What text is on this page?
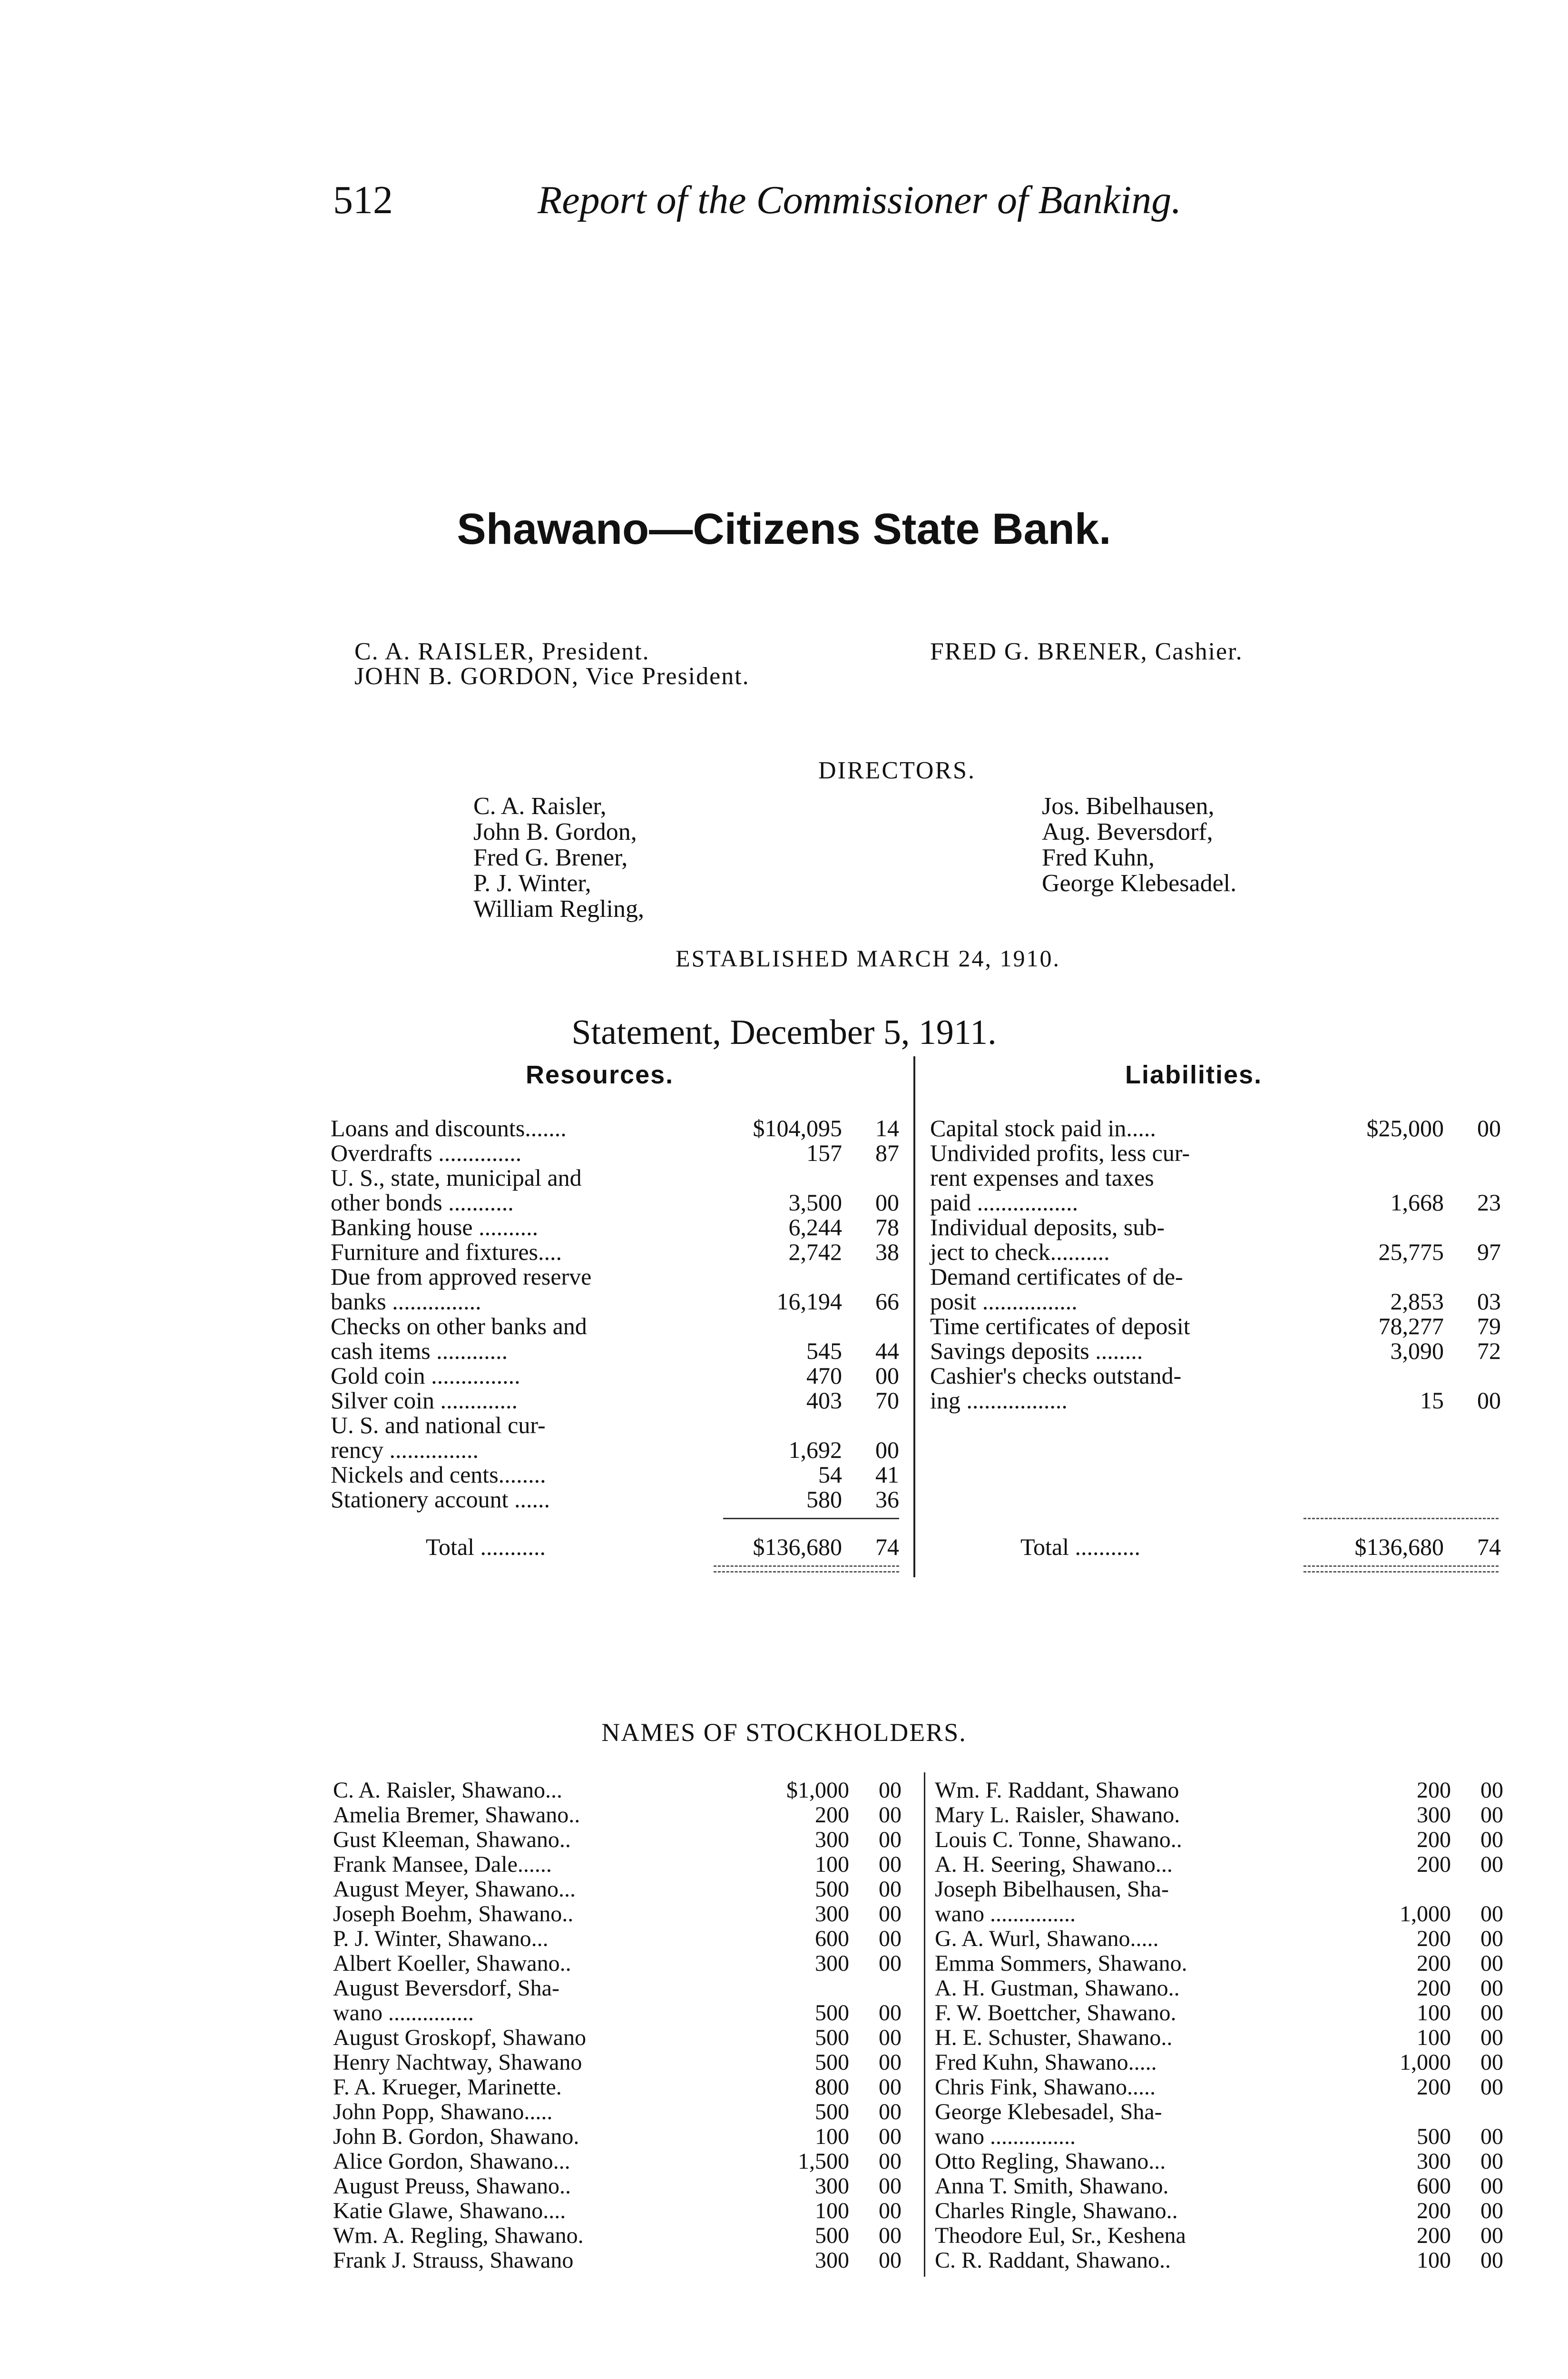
512	Report of the Commissioner of Banking.
Shawano—Citizens State Bank.
C. A. RAISLER, President.
JOHN B. GORDON, Vice President.
FRED G. BRENER, Cashier.
DIRECTORS.
C. A. Raisler,
John B. Gordon,
Fred G. Brener,
P. J. Winter,
William Regling,
Jos. Bibelhausen,
Aug. Beversdorf,
Fred Kuhn,
George Klebesadel.
ESTABLISHED MARCH 24, 1910.
Statement, December 5, 1911.
Resources.	Liabilities.
Loans and discounts.......	$104,095	14
Overdrafts ..............	157	87
U. S., state, municipal and
other bonds ...........	3,500	00
Banking house ..........	6,244	78
Furniture and fixtures....	2,742	38
Due from approved reserve
banks ...............	16,194	66
Checks on other banks and
cash items ............	545	44
Gold coin ...............	470	00
Silver coin .............	403	70
U. S. and national cur-
rency ...............	1,692	00
Nickels and cents........	54	41
Stationery account ......	580	36
Total ...........	$136,680	74
Capital stock paid in.....	$25,000	00
Undivided profits, less cur-
rent expenses and taxes
paid .................	1,668	23
Individual deposits, sub-
ject to check..........	25,775	97
Demand certificates of de-
posit ................	2,853	03
Time certificates of deposit	78,277	79
Savings deposits ........	3,090	72
Cashier's checks outstand-
ing .................	15	00
Total ...........	$136,680	74
NAMES OF STOCKHOLDERS.
C. A. Raisler, Shawano...	$1,000	00
Amelia Bremer, Shawano..	200	00
Gust Kleeman, Shawano..	300	00
Frank Mansee, Dale......	100	00
August Meyer, Shawano...	500	00
Joseph Boehm, Shawano..	300	00
P. J. Winter, Shawano...	600	00
Albert Koeller, Shawano..	300	00
August Beversdorf, Sha-
wano ...............	500	00
August Groskopf, Shawano	500	00
Henry Nachtway, Shawano	500	00
F. A. Krueger, Marinette.	800	00
John Popp, Shawano.....	500	00
John B. Gordon, Shawano.	100	00
Alice Gordon, Shawano...	1,500	00
August Preuss, Shawano..	300	00
Katie Glawe, Shawano....	100	00
Wm. A. Regling, Shawano.	500	00
Frank J. Strauss, Shawano	300	00
Wm. F. Raddant, Shawano	200	00
Mary L. Raisler, Shawano.	300	00
Louis C. Tonne, Shawano..	200	00
A. H. Seering, Shawano...	200	00
Joseph Bibelhausen, Sha-
wano ...............	1,000	00
G. A. Wurl, Shawano.....	200	00
Emma Sommers, Shawano.	200	00
A. H. Gustman, Shawano..	200	00
F. W. Boettcher, Shawano.	100	00
H. E. Schuster, Shawano..	100	00
Fred Kuhn, Shawano.....	1,000	00
Chris Fink, Shawano.....	200	00
George Klebesadel, Sha-
wano ...............	500	00
Otto Regling, Shawano...	300	00
Anna T. Smith, Shawano.	600	00
Charles Ringle, Shawano..	200	00
Theodore Eul, Sr., Keshena	200	00
C. R. Raddant, Shawano..	100	00
